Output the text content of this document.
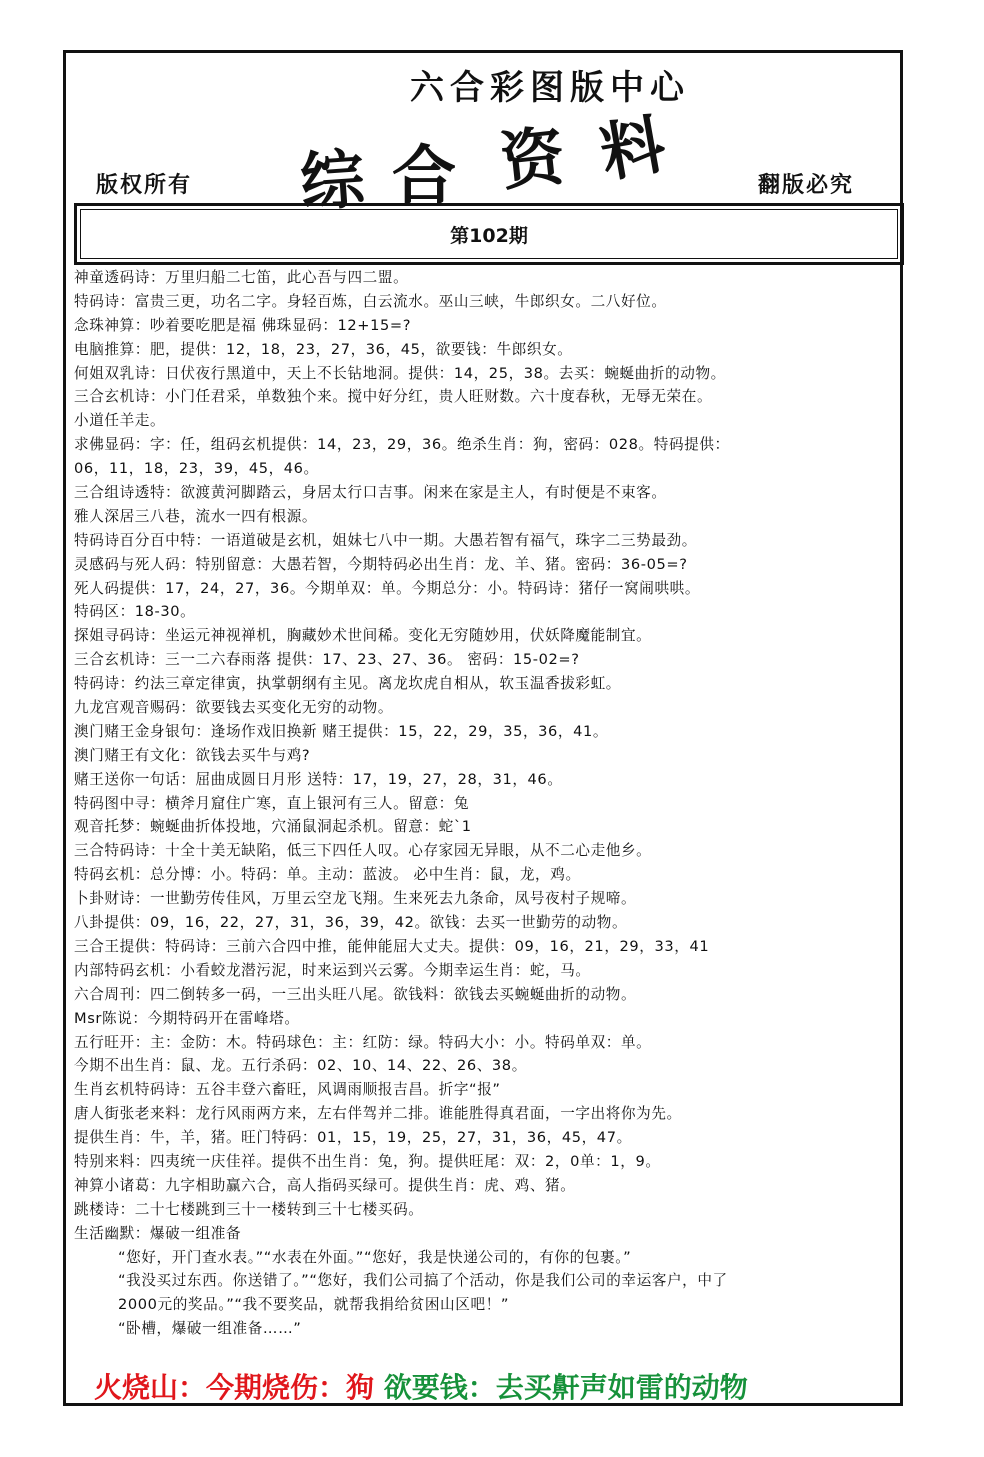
六合彩图版中心
综 合 资 料
版权所有	翻版必究
第102期
神童透码诗：万里归船二七笛，此心吾与四二盟。
特码诗：富贵三更，功名二字。身轻百炼，白云流水。巫山三峡，牛郎织女。二八好位。
念珠神算：吵着要吃肥是福 佛珠显码：12+15=?
电脑推算：肥，提供：12，18，23，27，36，45，欲要钱：牛郎织女。
何姐双乳诗：日伏夜行黑道中，天上不长钻地洞。提供：14，25，38。去买：蜿蜒曲折的动物。
三合玄机诗：小门任君采，单数独个来。搅中好分红，贵人旺财数。六十度春秋，无辱无荣在。
小道任羊走。
求佛显码：字：任，组码玄机提供：14，23，29，36。绝杀生肖：狗，密码：028。特码提供：
06，11，18，23，39，45，46。
三合组诗透特：欲渡黄河脚踏云，身居太行口吉事。闲来在家是主人，有时便是不束客。
雅人深居三八巷，流水一四有根源。
特码诗百分百中特：一语道破是玄机，姐妹七八中一期。大愚若智有福气，珠字二三势最劲。
灵感码与死人码：特别留意：大愚若智，今期特码必出生肖：龙、羊、猪。密码：36-05=?
死人码提供：17，24，27，36。今期单双：单。今期总分：小。特码诗：猪仔一窝闹哄哄。
特码区：18-30。
探姐寻码诗：坐运元神视禅机，胸藏妙术世间稀。变化无穷随妙用，伏妖降魔能制宜。
三合玄机诗：三一二六春雨落 提供：17、23、27、36。 密码：15-02=?
特码诗：约法三章定律寅，执掌朝纲有主见。离龙坎虎自相从，软玉温香拔彩虹。
九龙宫观音赐码：欲要钱去买变化无穷的动物。
澳门赌王金身银句：逢场作戏旧换新 赌王提供：15，22，29，35，36，41。
澳门赌王有文化：欲钱去买牛与鸡?
赌王送你一句话：屈曲成圆日月形 送特：17，19，27，28，31，46。
特码图中寻：横斧月窟住广寒，直上银河有三人。留意：兔
观音托梦：蜿蜒曲折体投地，穴涌鼠洞起杀机。留意：蛇`1
三合特码诗：十全十美无缺陷，低三下四任人叹。心存家园无异眼，从不二心走他乡。
特码玄机：总分博：小。特码：单。主动：蓝波。 必中生肖：鼠，龙，鸡。
卜卦财诗：一世勤劳传佳风，万里云空龙飞翔。生来死去九条命，凤号夜村子规啼。
八卦提供：09，16，22，27，31，36，39，42。欲钱：去买一世勤劳的动物。
三合王提供：特码诗：三前六合四中推，能伸能屈大丈夫。提供：09，16，21，29，33，41
内部特码玄机：小看蛟龙潜污泥，时来运到兴云雾。今期幸运生肖：蛇，马。
六合周刊：四二倒转多一码，一三出头旺八尾。欲钱料：欲钱去买蜿蜒曲折的动物。
Msr陈说：今期特码开在雷峰塔。
五行旺开：主：金防：木。特码球色：主：红防：绿。特码大小：小。特码单双：单。
今期不出生肖：鼠、龙。五行杀码：02、10、14、22、26、38。
生肖玄机特码诗：五谷丰登六畜旺，风调雨顺报吉昌。折字“报”
唐人街张老来料：龙行风雨两方来，左右伴驾并二排。谁能胜得真君面，一字出将你为先。
提供生肖：牛，羊，猪。旺门特码：01，15，19，25，27，31，36，45，47。
特别来料：四夷统一庆佳祥。提供不出生肖：兔，狗。提供旺尾：双：2，0单：1，9。
神算小诸葛：九字相助赢六合，高人指码买绿可。提供生肖：虎、鸡、猪。
跳楼诗：二十七楼跳到三十一楼转到三十七楼买码。
生活幽默：爆破一组准备
“您好，开门查水表。”“水表在外面。”“您好，我是快递公司的，有你的包裹。”
“我没买过东西。你送错了。”“您好，我们公司搞了个活动，你是我们公司的幸运客户，中了
2000元的奖品。”“我不要奖品，就帮我捐给贫困山区吧！”
“卧槽，爆破一组准备……”
火烧山：今期烧伤：狗 欲要钱：去买鼾声如雷的动物
